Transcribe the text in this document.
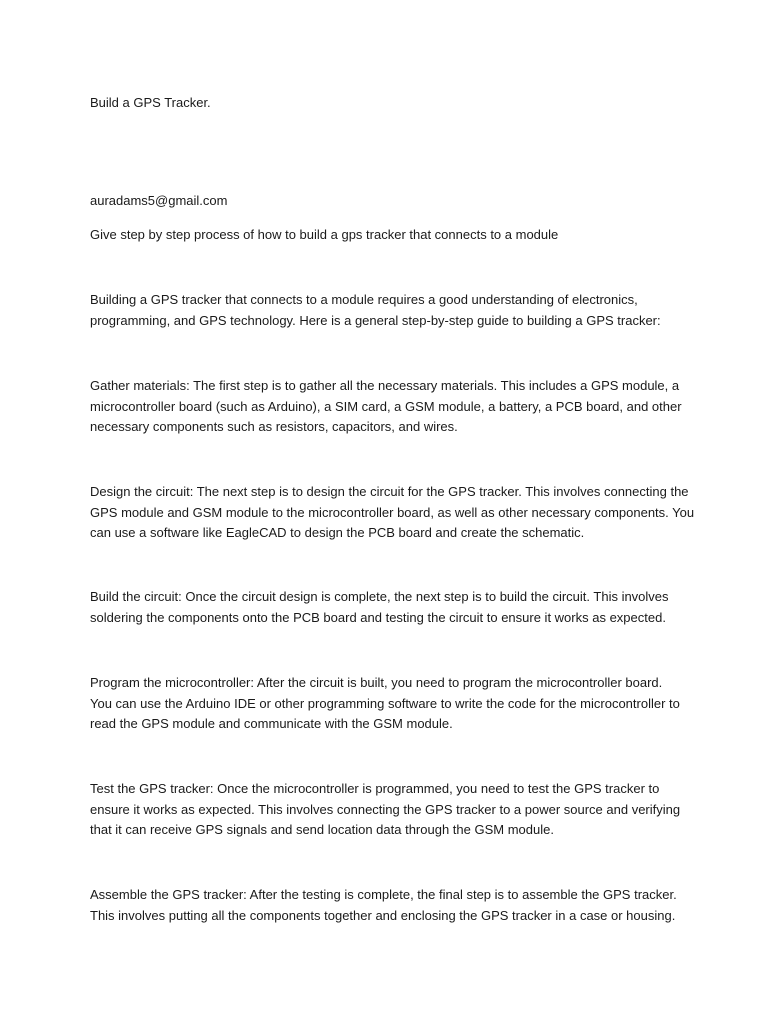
Build a GPS Tracker.

auradams5@gmail.com

Give step by step process of how to build a gps tracker that connects to a module

Building a GPS tracker that connects to a module requires a good understanding of electronics,
programming, and GPS technology. Here is a general step-by-step guide to building a GPS tracker:
Gather materials: The first step is to gather all the necessary materials. This includes a GPS module, a
microcontroller board (such as Arduino), a SIM card, a GSM module, a battery, a PCB board, and other
necessary components such as resistors, capacitors, and wires.
Design the circuit: The next step is to design the circuit for the GPS tracker. This involves connecting the
GPS module and GSM module to the microcontroller board, as well as other necessary components. You
can use a software like EagleCAD to design the PCB board and create the schematic.
Build the circuit: Once the circuit design is complete, the next step is to build the circuit. This involves
soldering the components onto the PCB board and testing the circuit to ensure it works as expected.
Program the microcontroller: After the circuit is built, you need to program the microcontroller board.
You can use the Arduino IDE or other programming software to write the code for the microcontroller to
read the GPS module and communicate with the GSM module.
Test the GPS tracker: Once the microcontroller is programmed, you need to test the GPS tracker to
ensure it works as expected. This involves connecting the GPS tracker to a power source and verifying
that it can receive GPS signals and send location data through the GSM module.
Assemble the GPS tracker: After the testing is complete, the final step is to assemble the GPS tracker.
This involves putting all the components together and enclosing the GPS tracker in a case or housing.
